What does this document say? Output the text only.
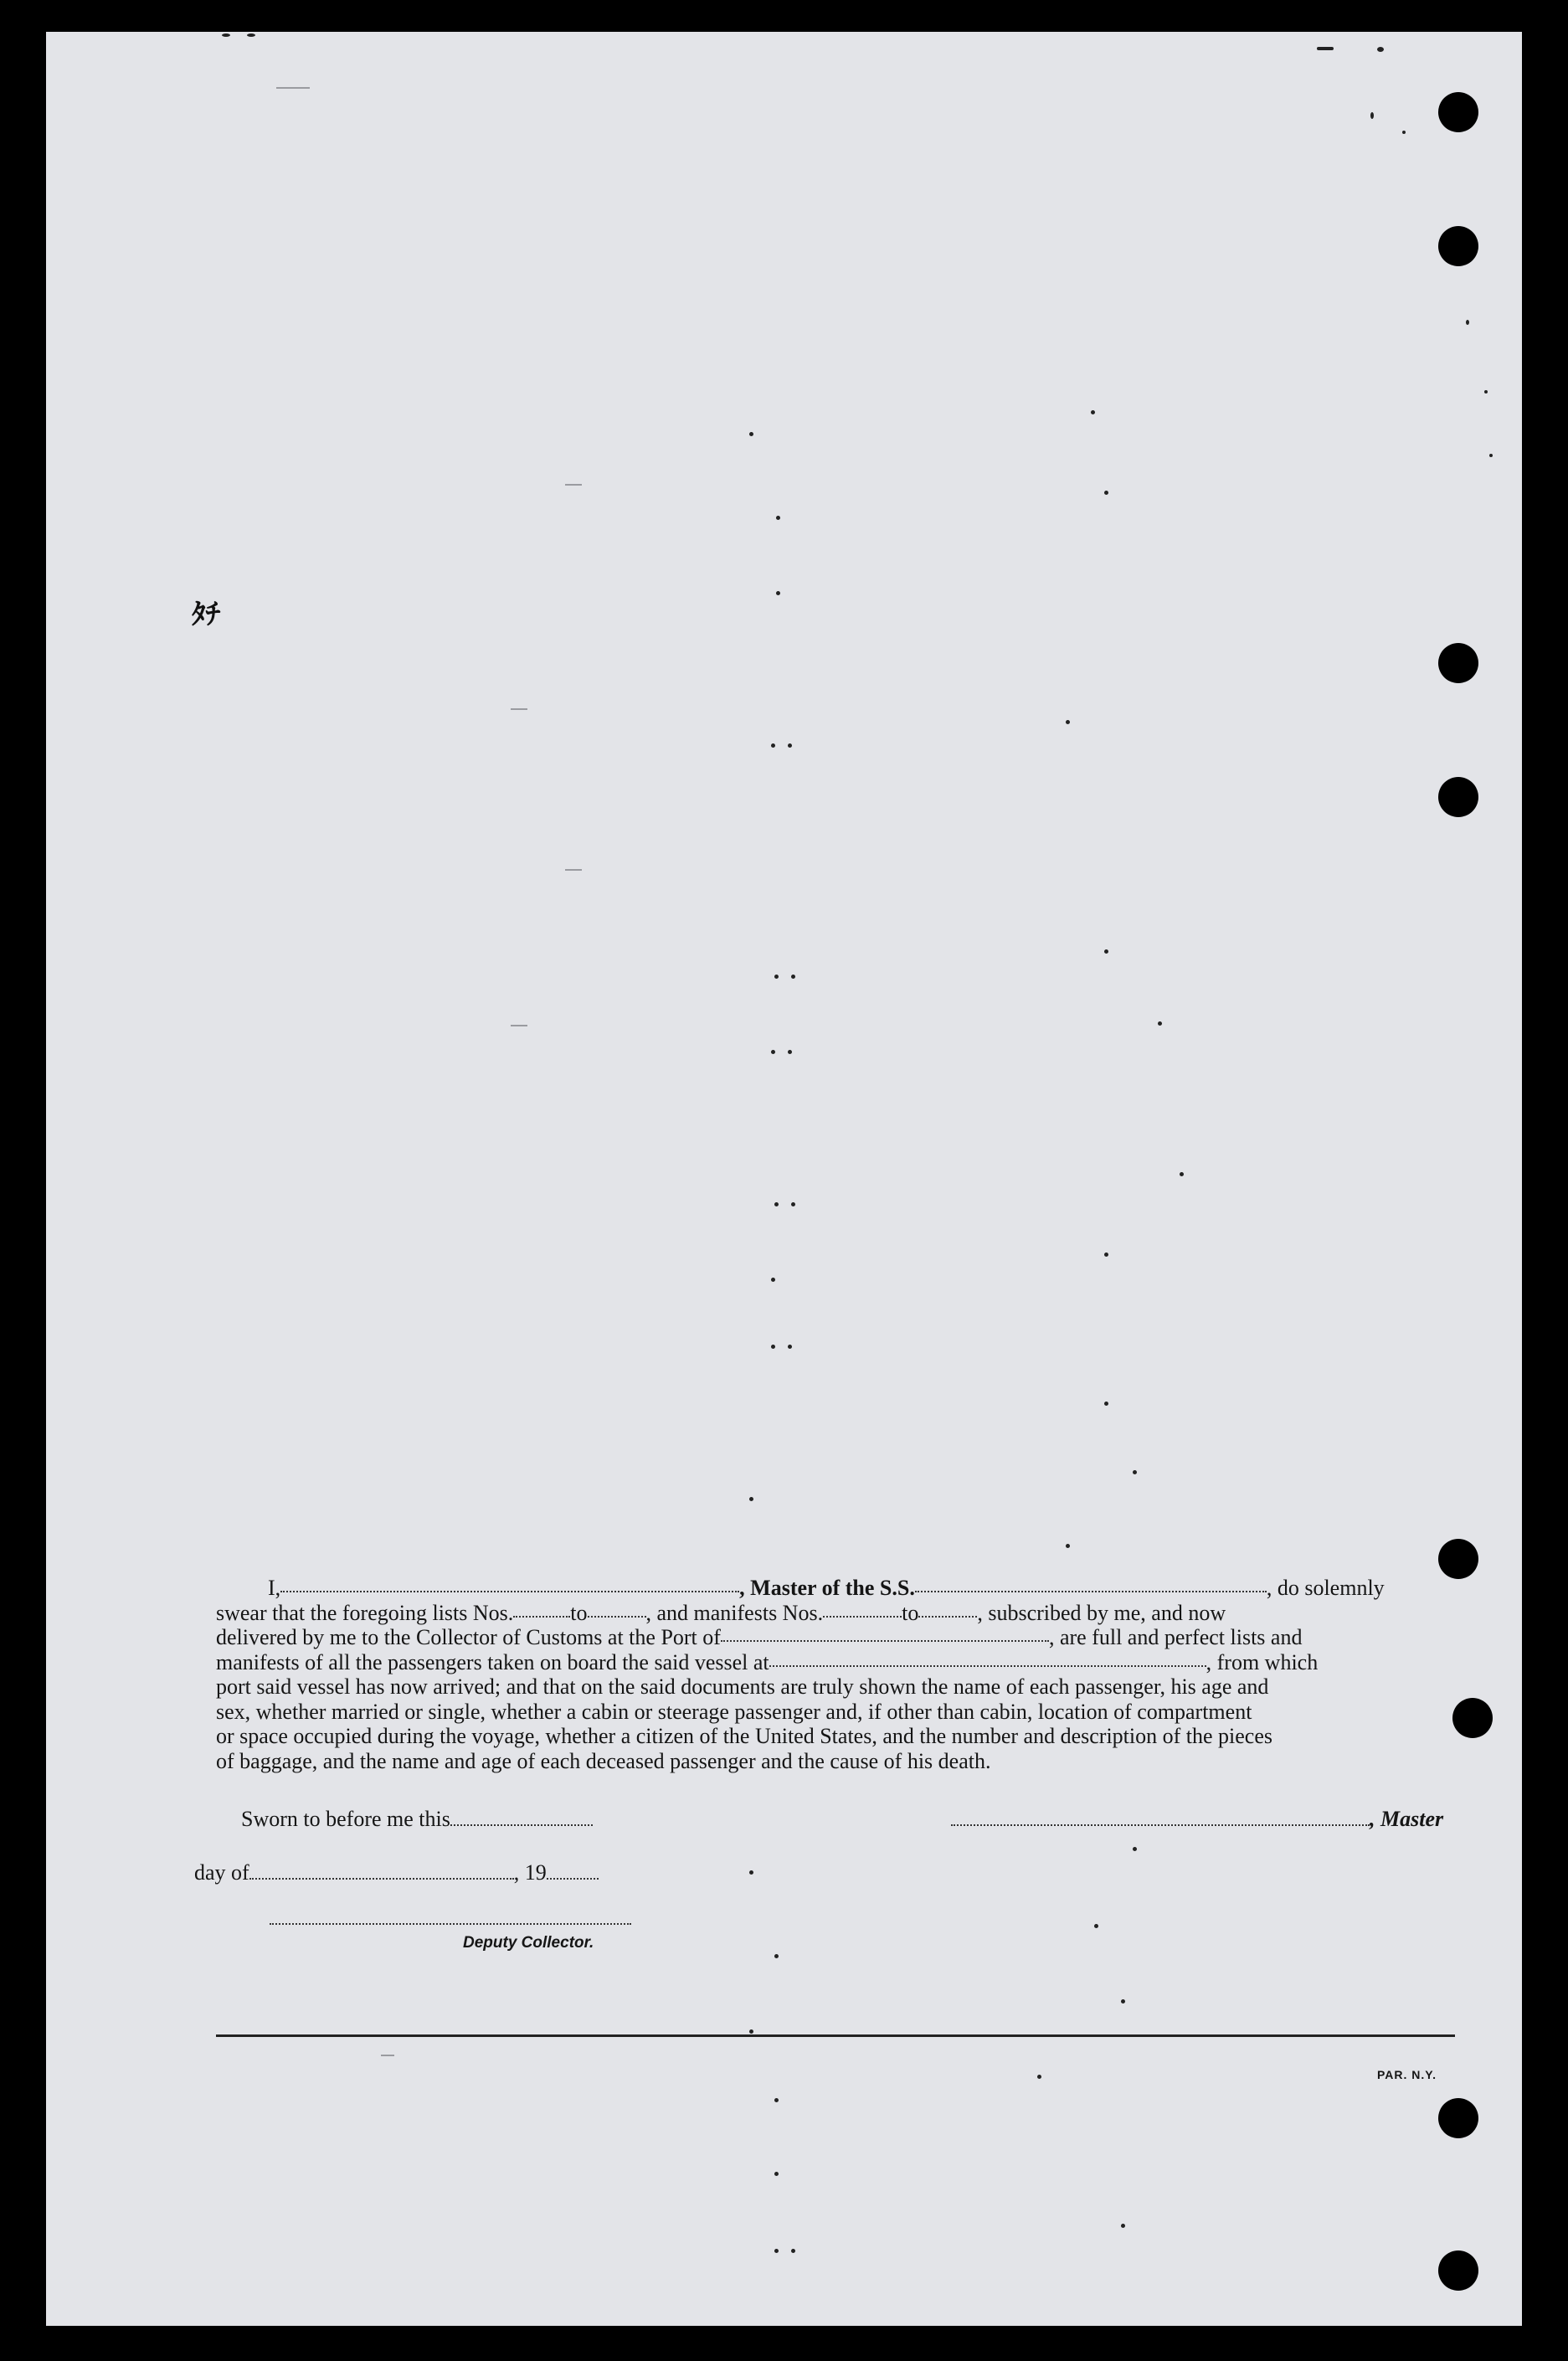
ﾀﾁ
I,	, Master of the S.S.	, do solemnly
swear that the foregoing lists Nos.	to	, and manifests Nos.	to	, subscribed by me, and now
delivered by me to the Collector of Customs at the Port of	, are full and perfect lists and
manifests of all the passengers taken on board the said vessel at	, from which
port said vessel has now arrived; and that on the said documents are truly shown the name of each passenger, his age and
sex, whether married or single, whether a cabin or steerage passenger and, if other than cabin, location of compartment
or space occupied during the voyage, whether a citizen of the United States, and the number and description of the pieces
of baggage, and the name and age of each deceased passenger and the cause of his death.
Sworn to before me this	, Master
day of	, 19
Deputy Collector.
PAR. N.Y.
